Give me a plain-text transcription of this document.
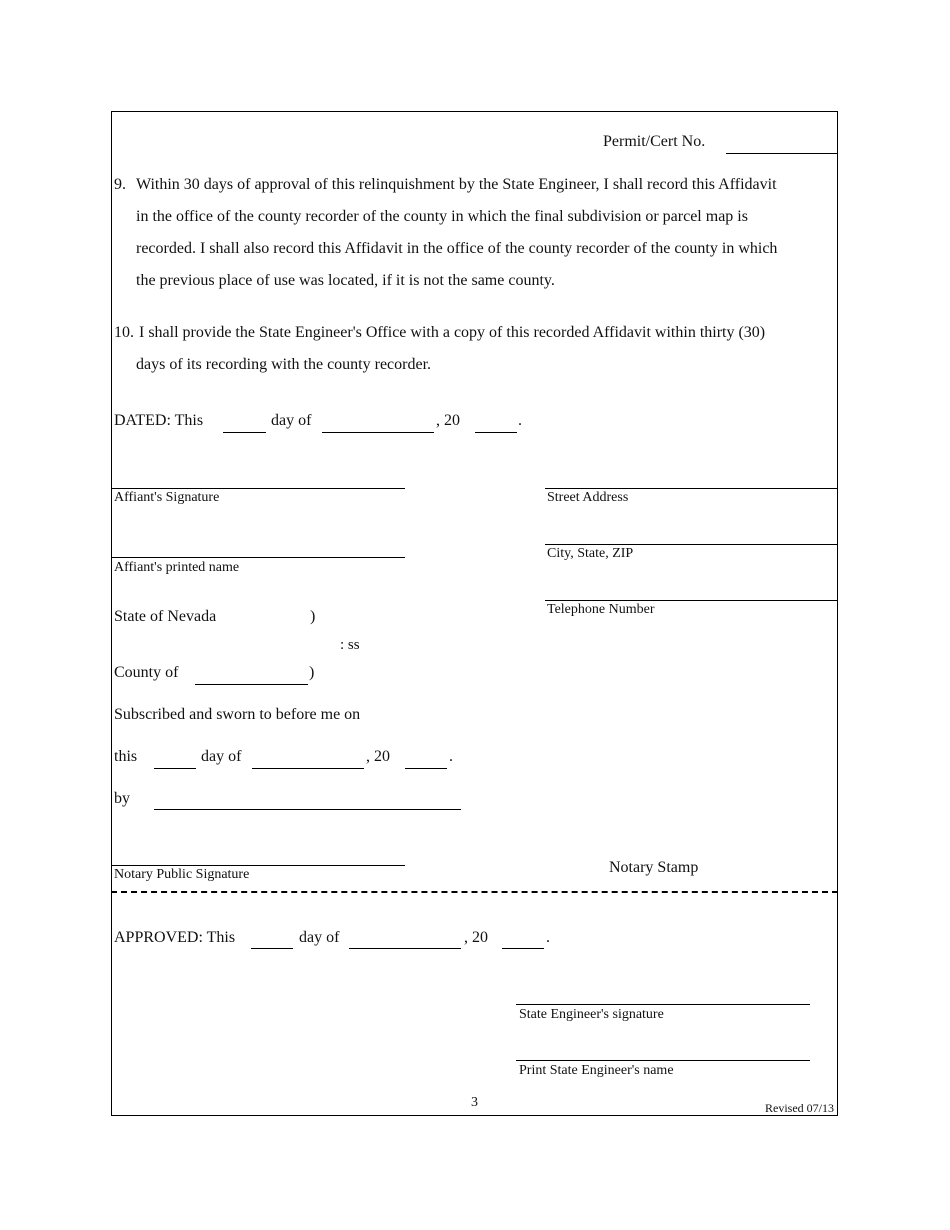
Permit/Cert No.
9. Within 30 days of approval of this relinquishment by the State Engineer, I shall record this Affidavit
in the office of the county recorder of the county in which the final subdivision or parcel map is
recorded. I shall also record this Affidavit in the office of the county recorder of the county in which
the previous place of use was located, if it is not the same county.
10. I shall provide the State Engineer's Office with a copy of this recorded Affidavit within thirty (30)
days of its recording with the county recorder.
DATED: This	day of	, 20	.
Affiant's Signature
Affiant's printed name
Street Address
City, State, ZIP
Telephone Number
State of Nevada	)
: ss
County of	)
Subscribed and sworn to before me on
this	day of	, 20	.
by
Notary Public Signature	Notary Stamp
APPROVED: This	day of	, 20	.
State Engineer's signature
Print State Engineer's name
3	Revised 07/13
